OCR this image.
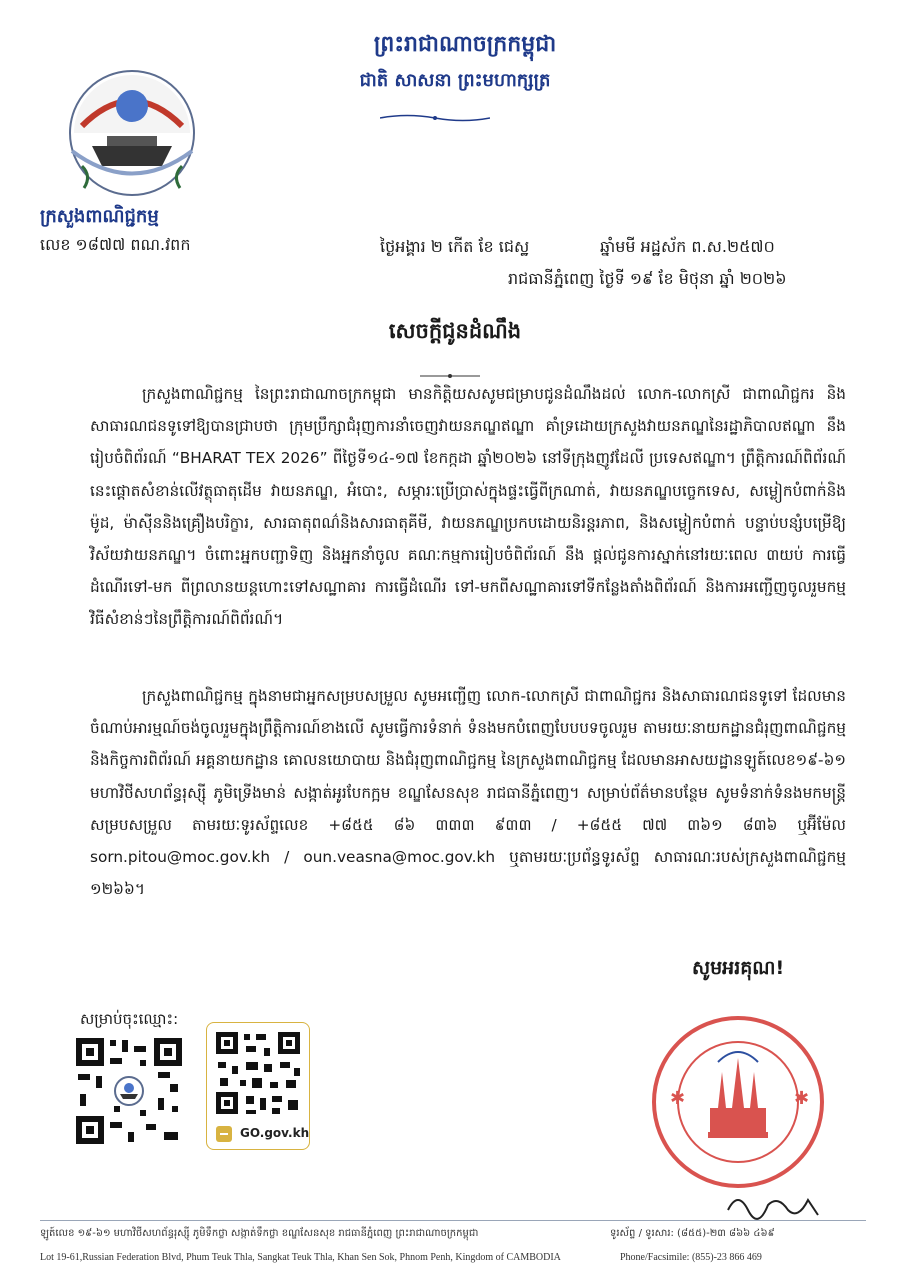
ព្រះរាជាណាចក្រកម្ពុជា
ជាតិ សាសនា ព្រះមហាក្សត្រ
ក្រសួងពាណិជ្ជកម្ម
លេខ ១៨៧៧ ពណ.វពក	ថ្ងៃអង្គារ ២ កើត ខែ ជេស្ឋ	ឆ្នាំមមី អដ្ឋស័ក ព.ស.២៥៧០
រាជធានីភ្នំពេញ ថ្ងៃទី ១៩ ខែ មិថុនា ឆ្នាំ ២០២៦
សេចក្តីជូនដំណឹង
ក្រសួងពាណិជ្ជកម្ម នៃព្រះរាជាណាចក្រកម្ពុជា មានកិត្តិយសសូមជម្រាបជូនដំណឹងដល់ លោក-លោកស្រី ជាពាណិជ្ជករ និងសាធារណជនទូទៅឱ្យបានជ្រាបថា ក្រុមប្រឹក្សាជំរុញការនាំចេញវាយនភណ្ឌឥណ្ឌា គាំទ្រដោយក្រសួងវាយនភណ្ឌនៃរដ្ឋាភិបាលឥណ្ឌា នឹងរៀបចំពិព័រណ៍ “BHARAT TEX 2026” ពីថ្ងៃទី១៤-១៧ ខែកក្កដា ឆ្នាំ២០២៦ នៅទីក្រុងញូវដែលី ប្រទេសឥណ្ឌា។ ព្រឹត្តិការណ៍ពិព័រណ៍នេះផ្តោតសំខាន់លើវត្ថុធាតុដើម វាយនភណ្ឌ, អំបោះ, សម្ភារៈប្រើប្រាស់ក្នុងផ្ទះធ្វើពីក្រណាត់, វាយនភណ្ឌបច្ចេកទេស, សម្លៀកបំពាក់និងម៉ូដ, ម៉ាស៊ីននិងគ្រឿងបរិក្ខារ, សារធាតុពណ៌និងសារធាតុគីមី, វាយនភណ្ឌប្រកបដោយនិរន្តរភាព, និងសម្លៀកបំពាក់ បន្ទាប់បន្សំបម្រើឱ្យវិស័យវាយនភណ្ឌ។ ចំពោះអ្នកបញ្ជាទិញ និងអ្នកនាំចូល គណៈកម្មការរៀបចំពិព័រណ៍ នឹង ផ្តល់ជូនការស្នាក់នៅរយៈពេល ៣យប់ ការធ្វើដំណើរទៅ-មក ពីព្រលានយន្តហោះទៅសណ្ឋាគារ ការធ្វើដំណើរ ទៅ-មកពីសណ្ឋាគារទៅទីកន្លែងតាំងពិព័រណ៍ និងការអញ្ជើញចូលរួមកម្មវិធីសំខាន់ៗនៃព្រឹត្តិការណ៍ពិព័រណ៍។
ក្រសួងពាណិជ្ជកម្ម ក្នុងនាមជាអ្នកសម្របសម្រួល សូមអញ្ជើញ លោក-លោកស្រី ជាពាណិជ្ជករ និងសាធារណជនទូទៅ ដែលមានចំណាប់អារម្មណ៍ចង់ចូលរួមក្នុងព្រឹត្តិការណ៍ខាងលើ សូមធ្វើការទំនាក់ ទំនងមកបំពេញបែបបទចូលរួម តាមរយៈនាយកដ្ឋានជំរុញពាណិជ្ជកម្ម និងកិច្ចការពិព័រណ៍ អគ្គនាយកដ្ឋាន គោលនយោបាយ និងជំរុញពាណិជ្ជកម្ម នៃក្រសួងពាណិជ្ជកម្ម ដែលមានអាសយដ្ឋានឡូត៍លេខ១៩-៦១ មហាវិថីសហព័ន្ធរុស្ស៊ី ភូមិទ្រើងមាន់ សង្កាត់អូរបែកក្អម ខណ្ឌសែនសុខ រាជធានីភ្នំពេញ។ សម្រាប់ព័ត៌មានបន្ថែម សូមទំនាក់ទំនងមកមន្ត្រីសម្របសម្រួល តាមរយៈទូរស័ព្ទលេខ +៨៥៥ ៨៦ ៣៣៣ ៩៣៣ / +៨៥៥ ៧៧ ៣៦១ ៨៣៦ ឬអ៊ីម៉ែល sorn.pitou@moc.gov.kh / oun.veasna@moc.gov.kh ឬតាមរយៈប្រព័ន្ធទូរស័ព្ទ សាធារណៈរបស់ក្រសួងពាណិជ្ជកម្ម ១២៦៦។
សូមអរគុណ!
សម្រាប់ចុះឈ្មោះ:
GO.gov.kh
✱	✱
ឡូត៍លេខ ១៩-៦១ មហាវិថីសហព័ន្ធរុស្ស៊ី ភូមិទឹកថ្លា សង្កាត់ទឹកថ្លា ខណ្ឌសែនសុខ រាជធានីភ្នំពេញ ព្រះរាជាណាចក្រកម្ពុជា	ទូរស័ព្ទ / ទូរសារ: (៨៥៥)-២៣ ៨៦៦ ៤៦៩
Lot 19-61,Russian Federation Blvd, Phum Teuk Thla, Sangkat Teuk Thla, Khan Sen Sok, Phnom Penh, Kingdom of CAMBODIA	Phone/Facsimile: (855)-23 866 469
